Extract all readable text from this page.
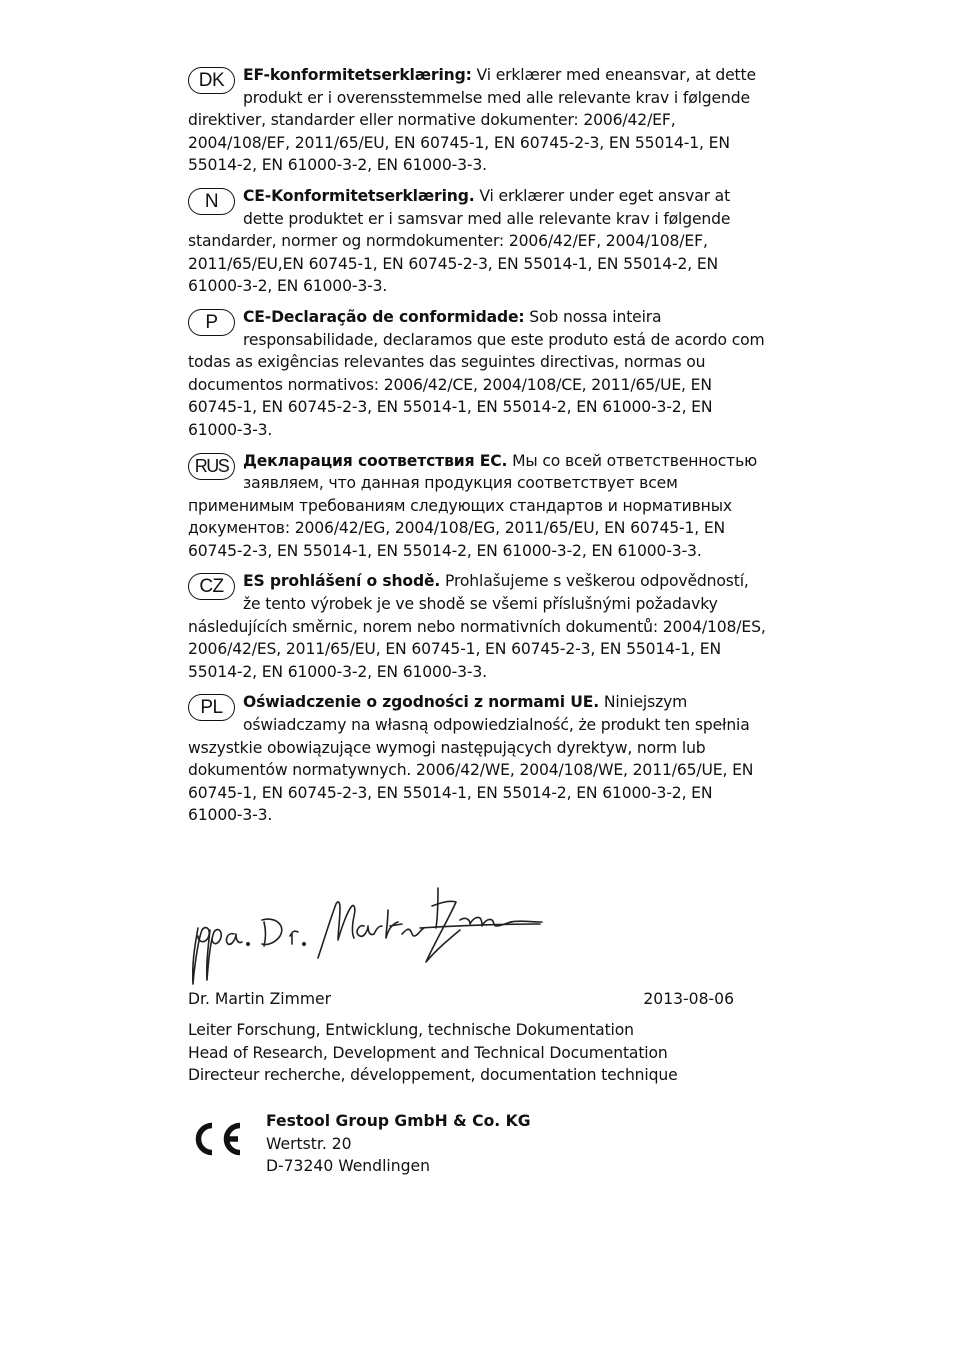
DK	EF-konformitetserklæring: Vi erklærer med eneansvar, at dette produkt er i overensstemmelse med alle relevante krav i følgende direktiver, standarder eller normative dokumenter: 2006/42/EF, 2004/108/EF, 2011/65/EU, EN 60745-1, EN 60745-2-3, EN 55014-1, EN 55014-2, EN 61000-3-2, EN 61000-3-3.
N	CE-Konformitetserklæring. Vi erklærer under eget ansvar at dette produktet er i samsvar med alle relevante krav i følgende standarder, normer og normdokumenter: 2006/42/EF, 2004/108/EF, 2011/65/EU,EN 60745-1, EN 60745-2-3, EN 55014-1, EN 55014-2, EN 61000-3-2, EN 61000-3-3.
P	CE-Declaração de conformidade: Sob nossa inteira responsabilidade, declaramos que este produto está de acordo com todas as exigências relevantes das seguintes directivas, normas ou documentos normativos: 2006/42/CE, 2004/108/CE, 2011/65/UE, EN 60745-1, EN 60745-2-3, EN 55014-1, EN 55014-2, EN 61000-3-2, EN 61000-3-3.
RUS Декларация соответствия ЕС. Мы со всей ответственностью заявляем, что данная продукция соответствует всем применимым требованиям следующих стандартов и нормативных документов: 2006/42/EG, 2004/108/EG, 2011/65/EU, EN 60745-1, EN 60745-2-3, EN 55014-1, EN 55014-2, EN 61000-3-2, EN 61000-3-3.
CZ	ES prohlášení o shodě. Prohlašujeme s veškerou odpovědností, že tento výrobek je ve shodě se všemi příslušnými požadavky následujících směrnic, norem nebo normativních dokumentů: 2004/108/ES, 2006/42/ES, 2011/65/EU, EN 60745-1, EN 60745-2-3, EN 55014-1, EN 55014-2, EN 61000-3-2, EN 61000-3-3.
PL	Oświadczenie o zgodności z normami UE. Niniejszym oświadczamy na własną odpowiedzialność, że produkt ten spełnia wszystkie obowiązujące wymogi następujących dyrektyw, norm lub dokumentów normatywnych. 2006/42/WE, 2004/108/WE, 2011/65/UE, EN 60745-1, EN 60745-2-3, EN 55014-1, EN 55014-2, EN 61000-3-2, EN 61000-3-3.
Dr. Martin Zimmer	2013-08-06
Leiter Forschung, Entwicklung, technische Dokumentation
Head of Research, Development and Technical Documentation
Directeur recherche, développement, documentation technique
Festool Group GmbH & Co. KG
Wertstr. 20
D-73240 Wendlingen
